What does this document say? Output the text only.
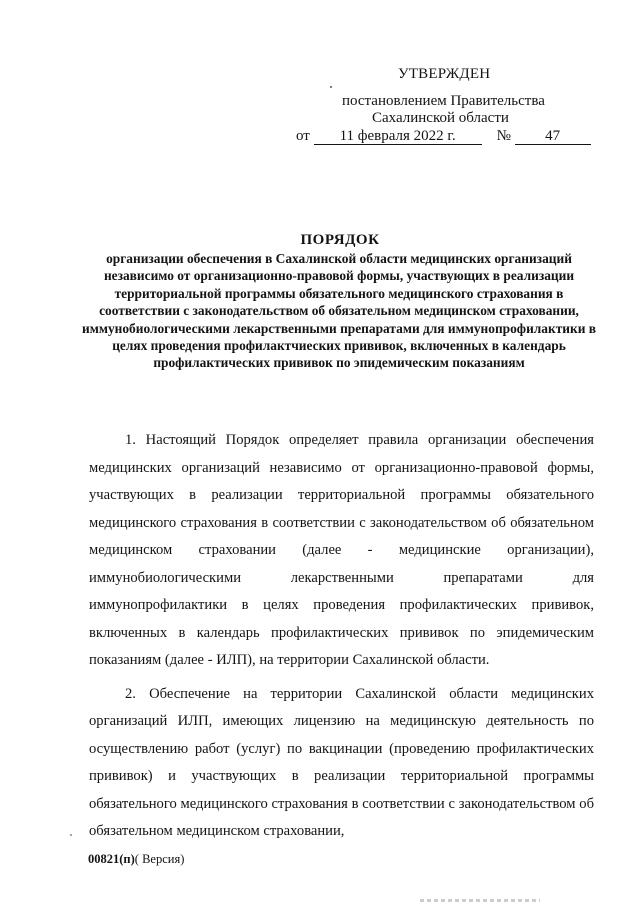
УТВЕРЖДЕН
постановлением Правительства
Сахалинской области
от 11 февраля 2022 г.	№ 47
ПОРЯДОК
организации обеспечения в Сахалинской области медицинских организаций независимо от организационно-правовой формы, участвующих в реализации территориальной программы обязательного медицинского страхования в соответствии с законодательством об обязательном медицинском страховании, иммунобиологическими лекарственными препаратами для иммунопрофилактики в целях проведения профилактчиеских прививок, включенных в календарь профилактических прививок по эпидемическим показаниям

1. Настоящий Порядок определяет правила организации обеспечения медицинских организаций независимо от организационно-правовой формы, участвующих в реализации территориальной программы обязательного медицинского страхования в соответствии с законодательством об обязательном медицинском страховании (далее - медицинские организации), иммунобиологическими лекарственными препаратами для иммунопрофилактики в целях проведения профилактических прививок, включенных в календарь профилактических прививок по эпидемическим показаниям (далее - ИЛП), на территории Сахалинской области.

2. Обеспечение на территории Сахалинской области медицинских организаций ИЛП, имеющих лицензию на медицинскую деятельность по осуществлению работ (услуг) по вакцинации (проведению профилактических прививок) и участвующих в реализации территориальной программы обязательного медицинского страхования в соответствии с законодательством об обязательном медицинском страховании,

00821(п)( Версия)
